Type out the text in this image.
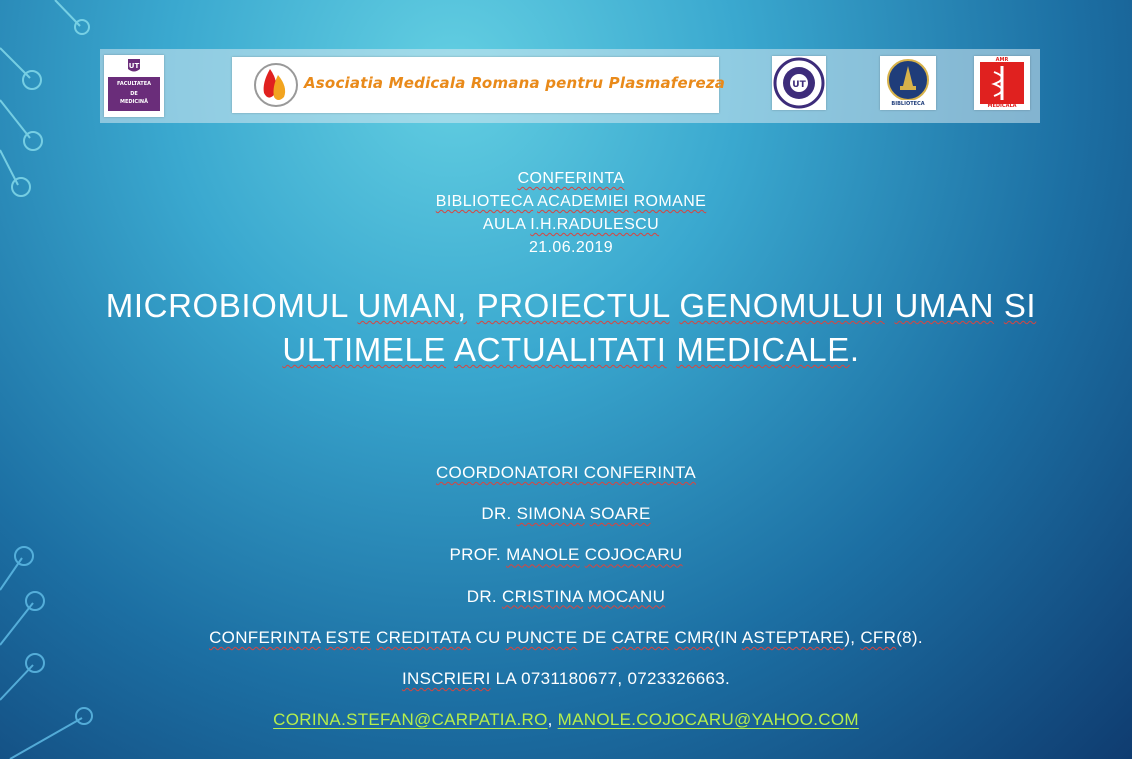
UT
FACULTATEA
DE
MEDICINĂ
Asociatia Medicala Romana pentru Plasmafereza	UT
BIBLIOTECA
AMR
MEDICALA
CONFERINTA
BIBLIOTECA ACADEMIEI ROMANE
AULA I.H.RADULESCU
21.06.2019
MICROBIOMUL UMAN, PROIECTUL GENOMULUI UMAN SI
ULTIMELE ACTUALITATI MEDICALE.
COORDONATORI CONFERINTA
DR. SIMONA SOARE
PROF. MANOLE COJOCARU
DR. CRISTINA MOCANU
CONFERINTA ESTE CREDITATA CU PUNCTE DE CATRE CMR(IN ASTEPTARE), CFR(8).
INSCRIERI LA 0731180677, 0723326663.
CORINA.STEFAN@CARPATIA.RO, MANOLE.COJOCARU@YAHOO.COM
